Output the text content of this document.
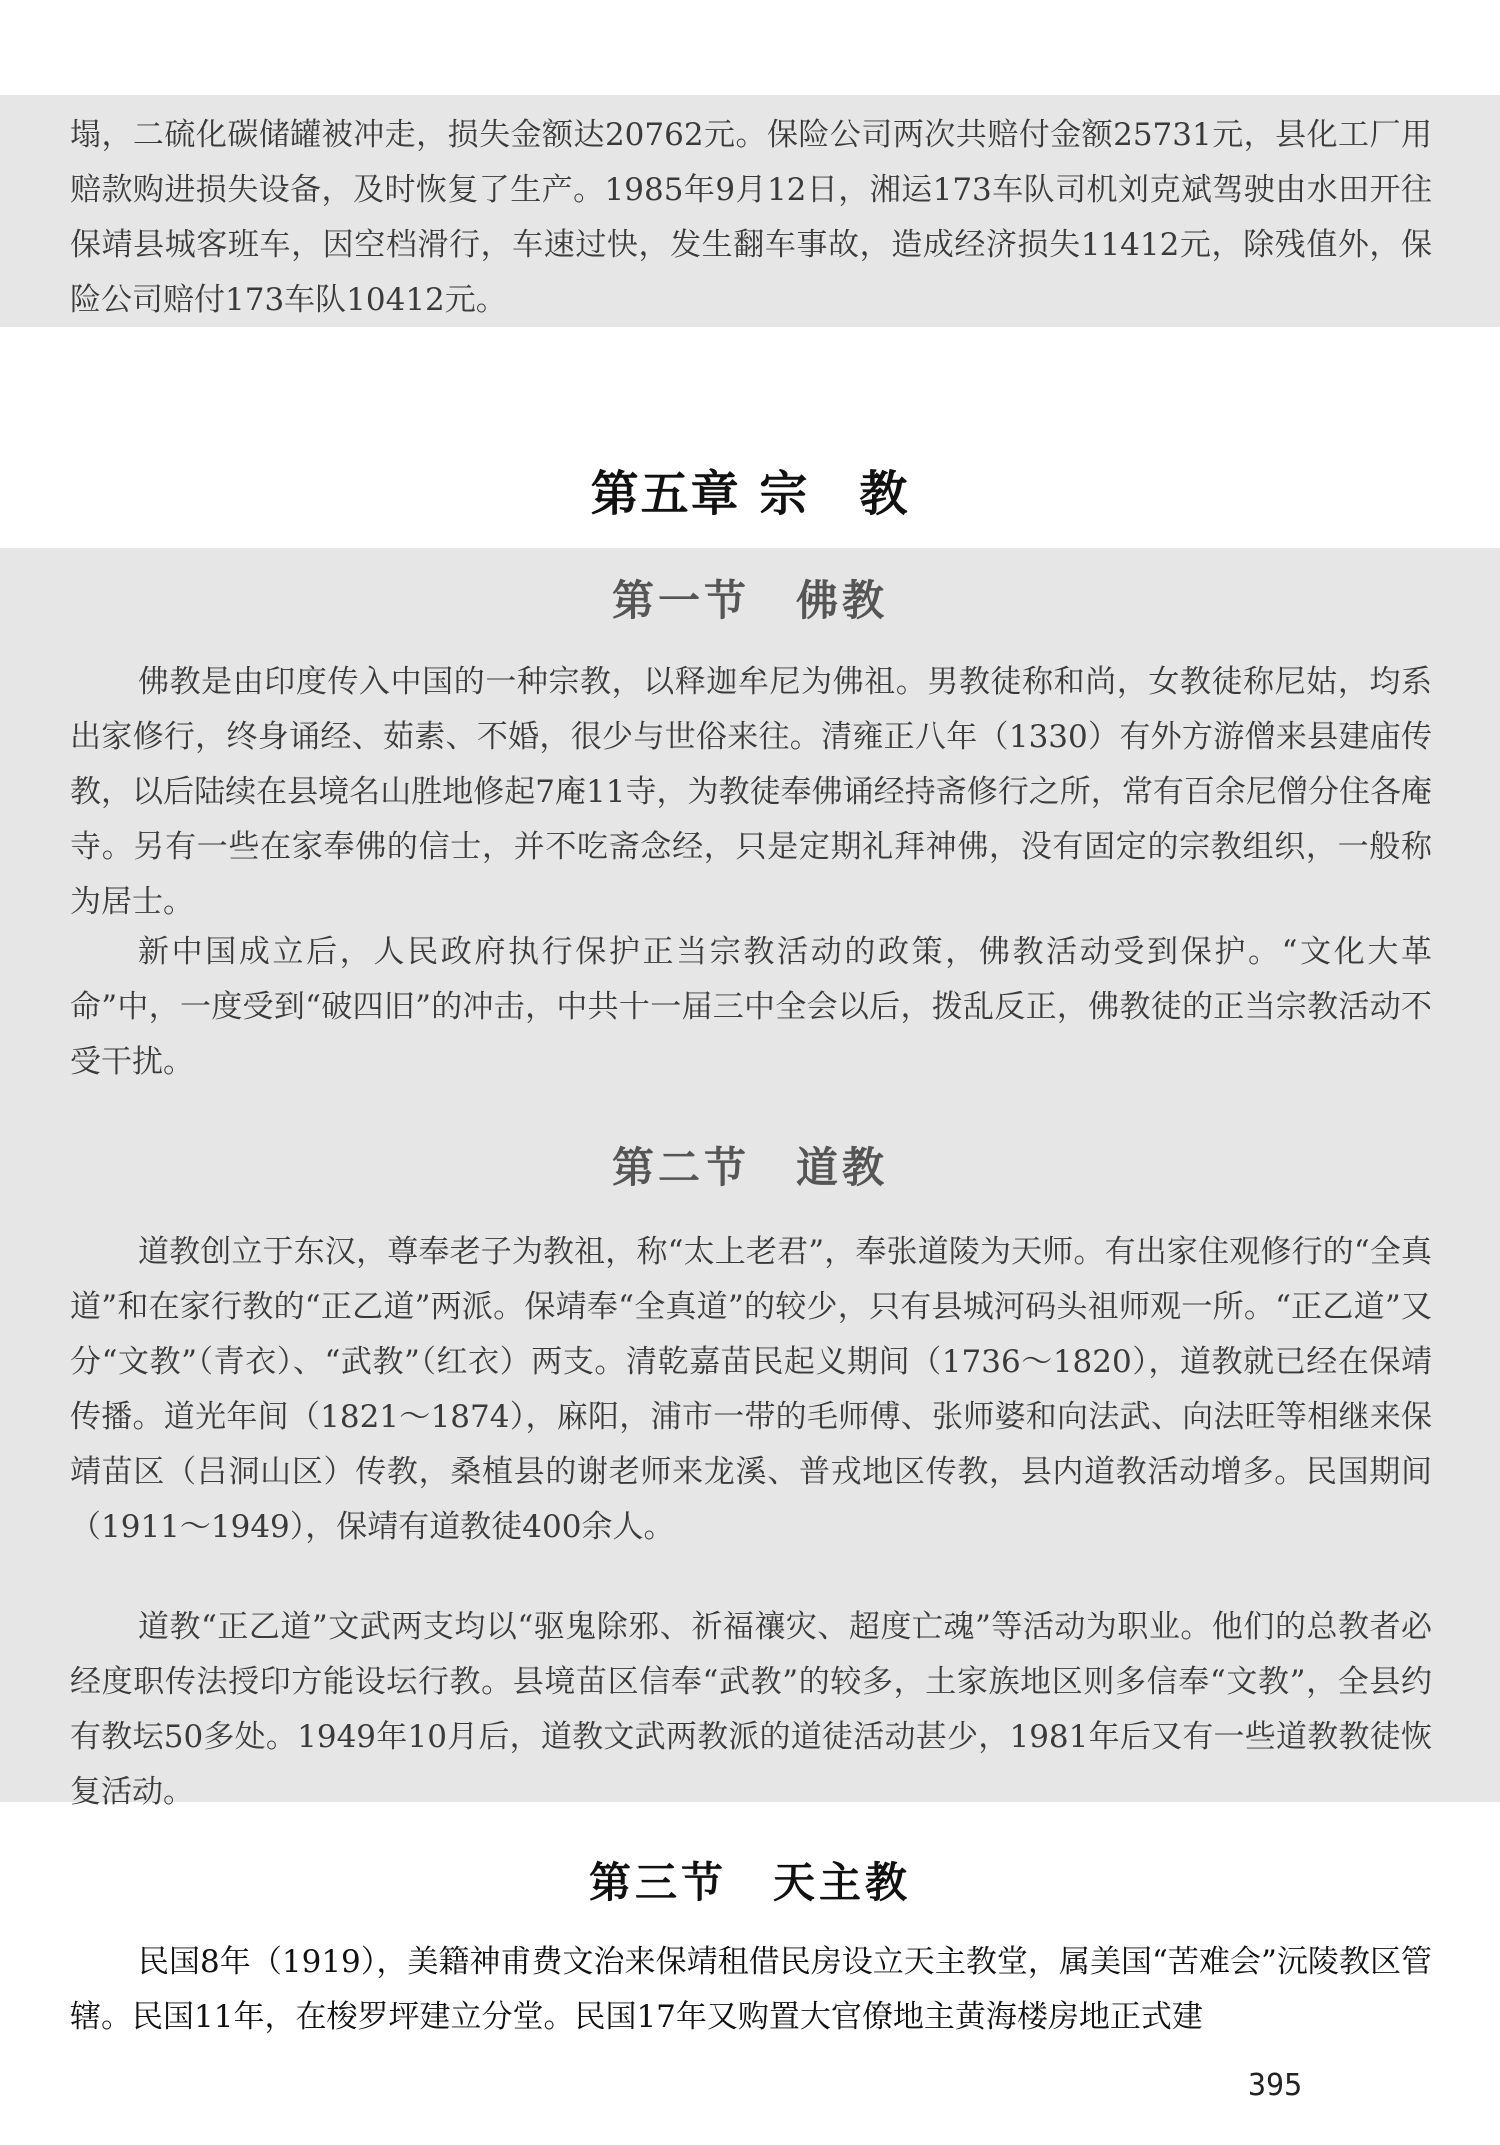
塌，二硫化碳储罐被冲走，损失金额达20762元。保险公司两次共赔付金额25731元，县化工厂用赔款购进损失设备，及时恢复了生产。1985年9月12日，湘运173车队司机刘克斌驾驶由水田开往保靖县城客班车，因空档滑行，车速过快，发生翻车事故，造成经济损失11412元，除残值外，保险公司赔付173车队10412元。

第五章 宗　教
第一节　佛教

佛教是由印度传入中国的一种宗教，以释迦牟尼为佛祖。男教徒称和尚，女教徒称尼姑，均系出家修行，终身诵经、茹素、不婚，很少与世俗来往。清雍正八年（1330）有外方游僧来县建庙传教，以后陆续在县境名山胜地修起7庵11寺，为教徒奉佛诵经持斋修行之所，常有百余尼僧分住各庵寺。另有一些在家奉佛的信士，并不吃斋念经，只是定期礼拜神佛，没有固定的宗教组织，一般称为居士。

新中国成立后，人民政府执行保护正当宗教活动的政策，佛教活动受到保护。“文化大革命”中，一度受到“破四旧”的冲击，中共十一届三中全会以后，拨乱反正，佛教徒的正当宗教活动不受干扰。

第二节　道教

道教创立于东汉，尊奉老子为教祖，称“太上老君”，奉张道陵为天师。有出家住观修行的“全真道”和在家行教的“正乙道”两派。保靖奉“全真道”的较少，只有县城河码头祖师观一所。“正乙道”又分“文教”（青衣）、“武教”（红衣）两支。清乾嘉苗民起义期间（1736～1820），道教就已经在保靖传播。道光年间（1821～1874），麻阳，浦市一带的毛师傅、张师婆和向法武、向法旺等相继来保靖苗区（吕洞山区）传教，桑植县的谢老师来龙溪、普戎地区传教，县内道教活动增多。民国期间（1911～1949），保靖有道教徒400余人。

道教“正乙道”文武两支均以“驱鬼除邪、祈福禳灾、超度亡魂”等活动为职业。他们的总教者必经度职传法授印方能设坛行教。县境苗区信奉“武教”的较多，土家族地区则多信奉“文教”，全县约有教坛50多处。1949年10月后，道教文武两教派的道徒活动甚少，1981年后又有一些道教教徒恢复活动。

第三节　天主教

民国8年（1919），美籍神甫费文治来保靖租借民房设立天主教堂，属美国“苦难会”沅陵教区管辖。民国11年，在梭罗坪建立分堂。民国17年又购置大官僚地主黄海楼房地正式建

395
